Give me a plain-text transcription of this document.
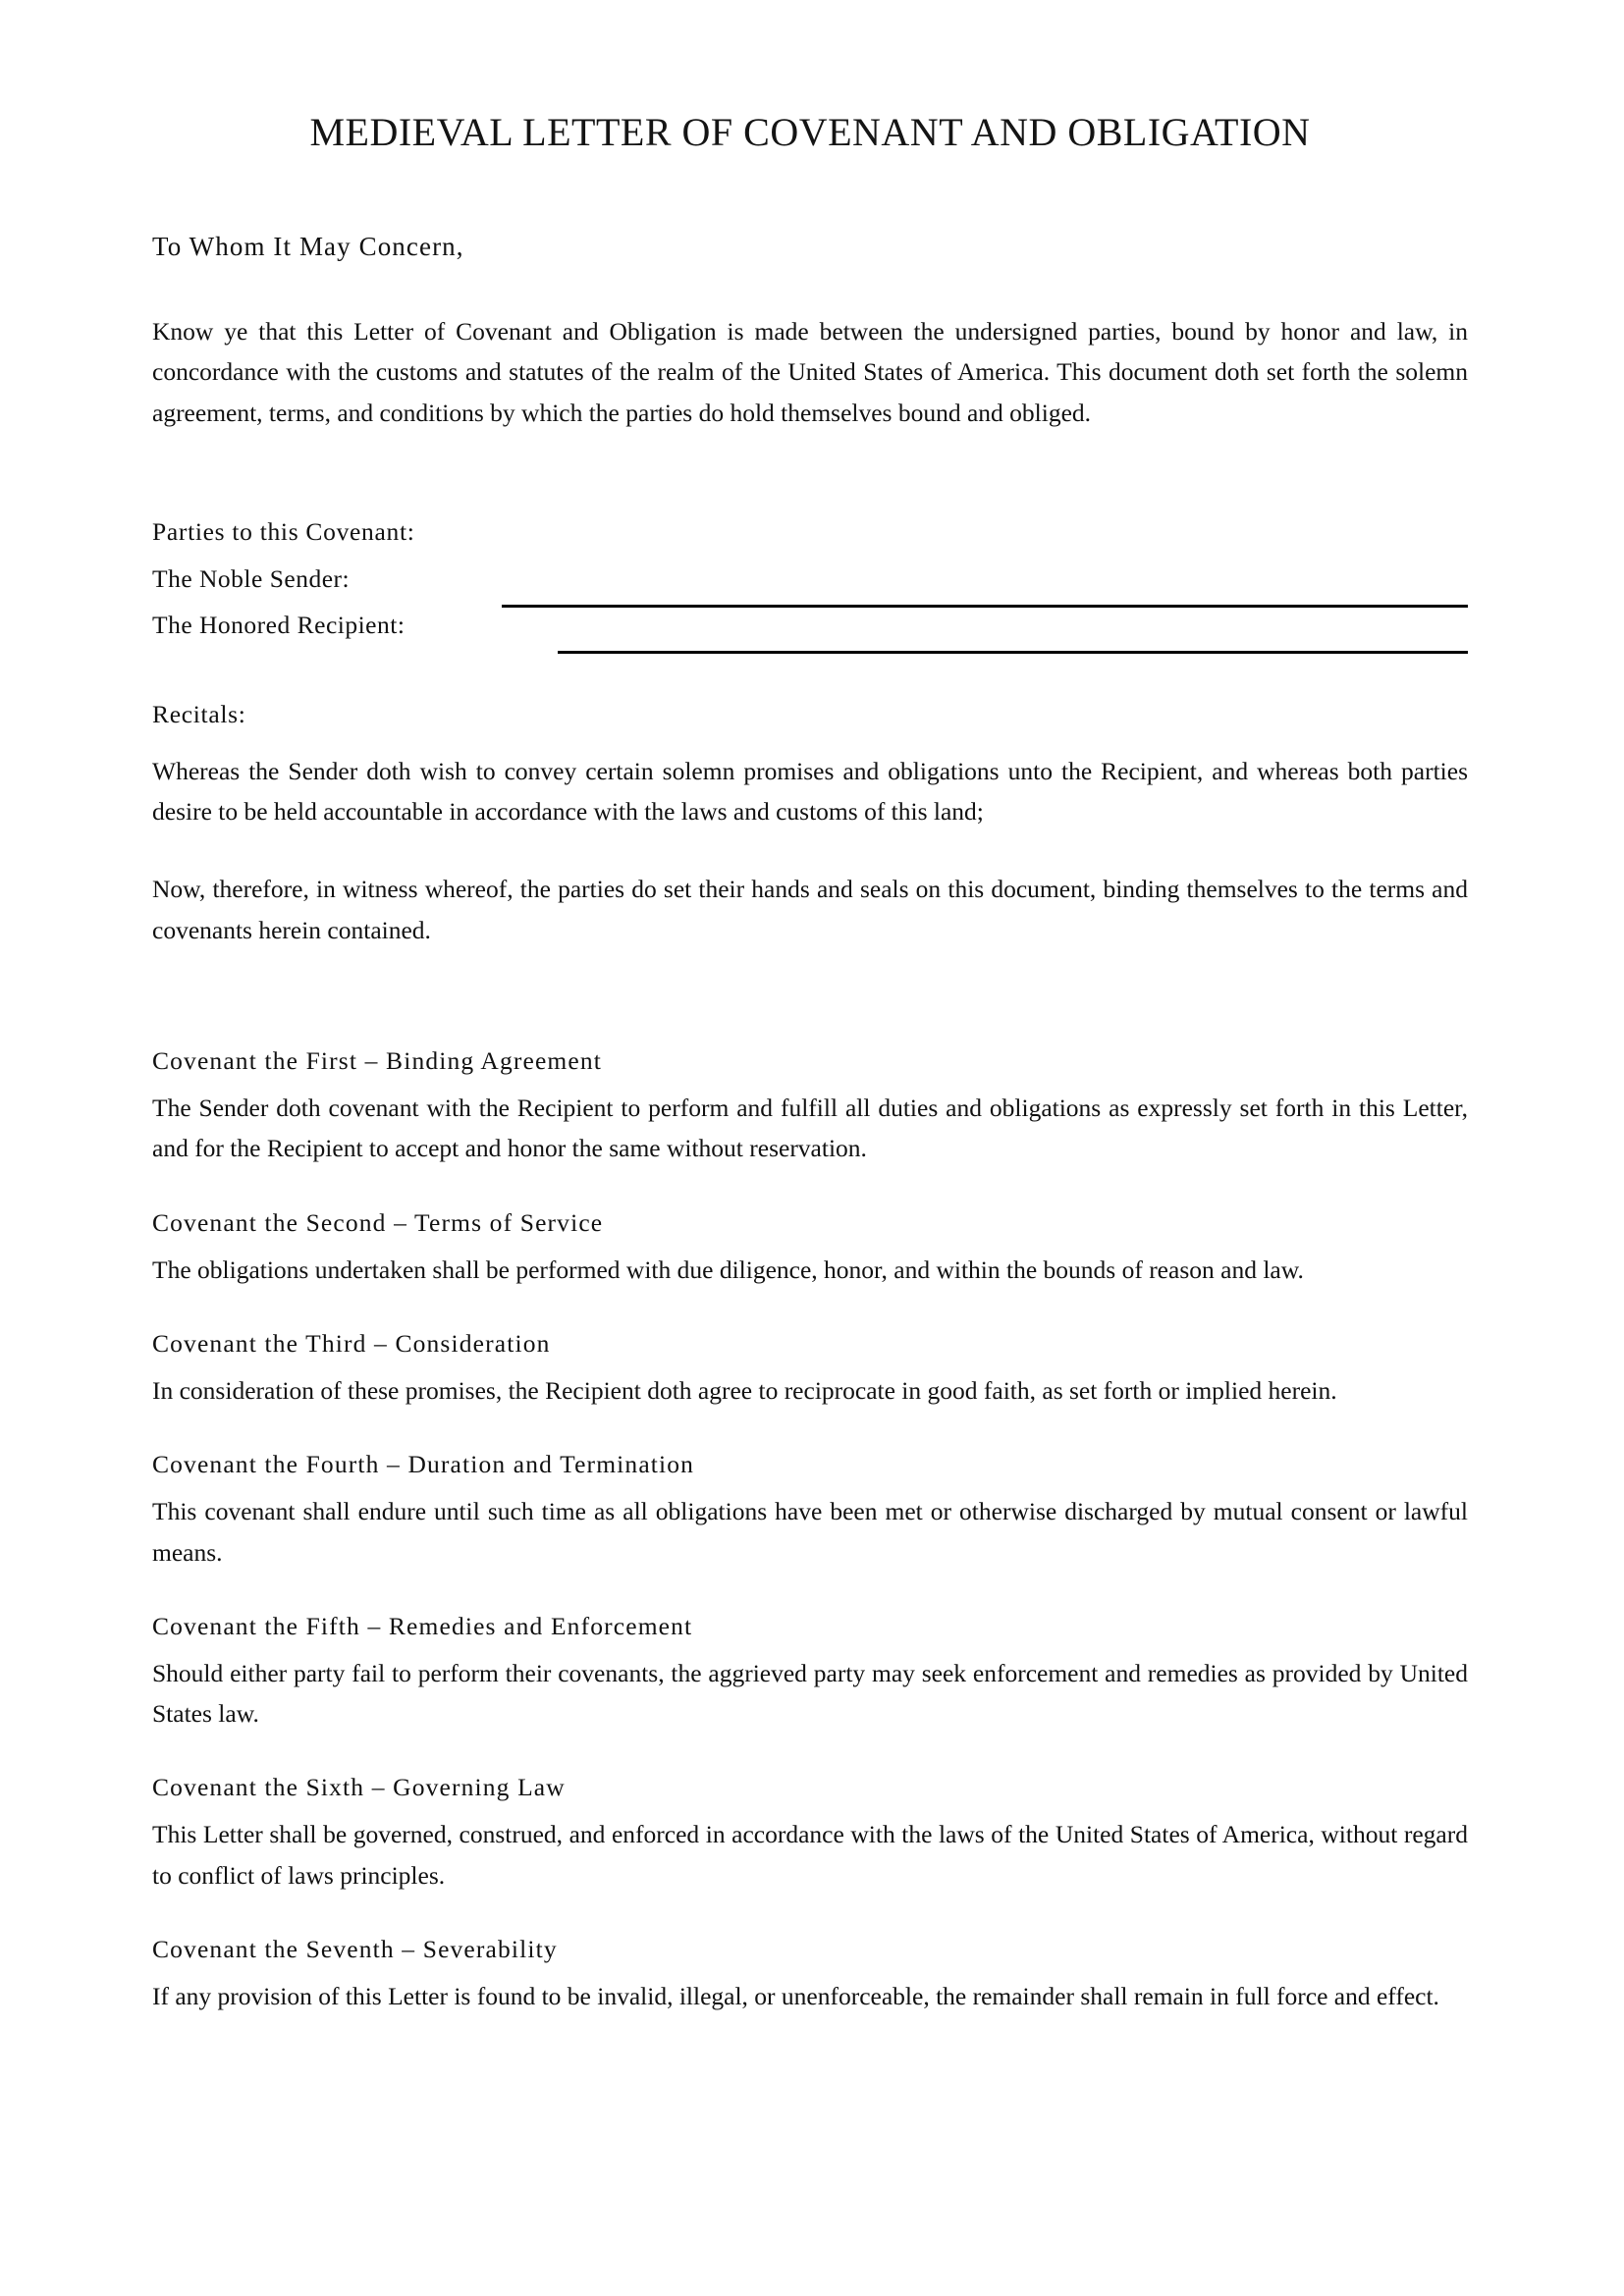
MEDIEVAL LETTER OF COVENANT AND OBLIGATION

To Whom It May Concern,

Know ye that this Letter of Covenant and Obligation is made between the undersigned parties, bound by honor and law, in concordance with the customs and statutes of the realm of the United States of America. This document doth set forth the solemn agreement, terms, and conditions by which the parties do hold themselves bound and obliged.

Parties to this Covenant:

The Noble Sender:
The Honored Recipient:

Recitals:

Whereas the Sender doth wish to convey certain solemn promises and obligations unto the Recipient, and whereas both parties desire to be held accountable in accordance with the laws and customs of this land;

Now, therefore, in witness whereof, the parties do set their hands and seals on this document, binding themselves to the terms and covenants herein contained.

Covenant the First – Binding Agreement

The Sender doth covenant with the Recipient to perform and fulfill all duties and obligations as expressly set forth in this Letter, and for the Recipient to accept and honor the same without reservation.

Covenant the Second – Terms of Service

The obligations undertaken shall be performed with due diligence, honor, and within the bounds of reason and law.

Covenant the Third – Consideration

In consideration of these promises, the Recipient doth agree to reciprocate in good faith, as set forth or implied herein.

Covenant the Fourth – Duration and Termination

This covenant shall endure until such time as all obligations have been met or otherwise discharged by mutual consent or lawful means.

Covenant the Fifth – Remedies and Enforcement

Should either party fail to perform their covenants, the aggrieved party may seek enforcement and remedies as provided by United States law.

Covenant the Sixth – Governing Law

This Letter shall be governed, construed, and enforced in accordance with the laws of the United States of America, without regard to conflict of laws principles.

Covenant the Seventh – Severability

If any provision of this Letter is found to be invalid, illegal, or unenforceable, the remainder shall remain in full force and effect.
